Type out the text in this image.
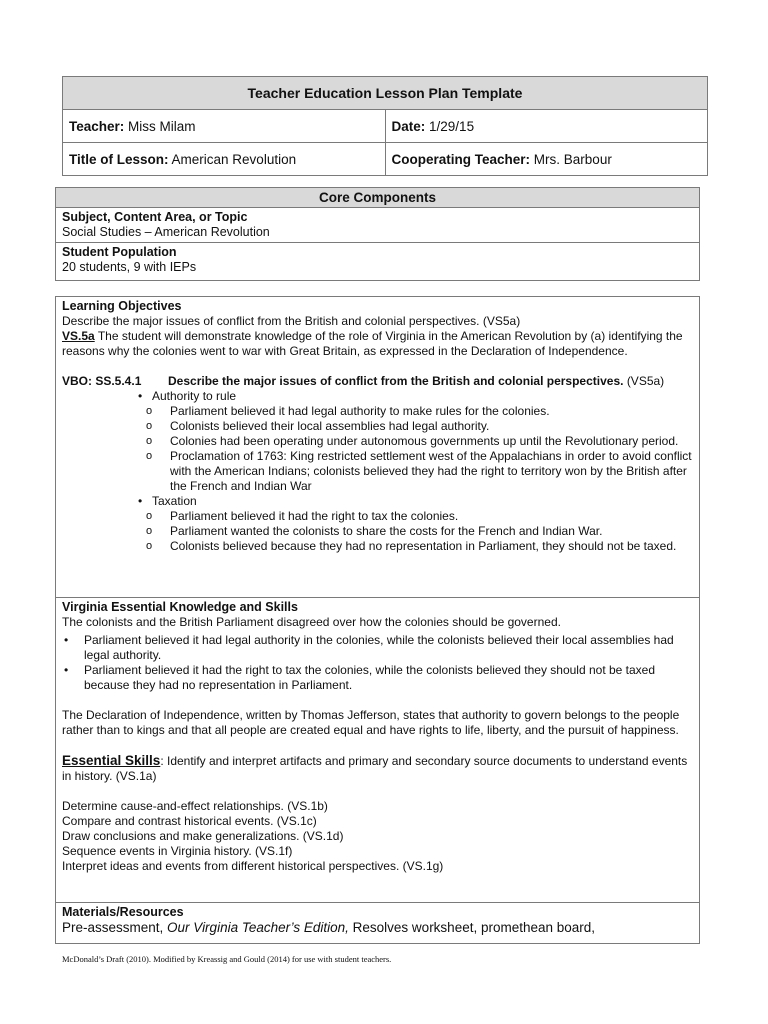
Teacher Education Lesson Plan Template	
Teacher: Miss Milam	Date: 1/29/15
Title of Lesson: American Revolution	Cooperating Teacher: Mrs. Barbour
Core Components
Subject, Content Area, or Topic
Social Studies – American Revolution
Student Population
20 students, 9 with IEPs
Learning Objectives
Describe the major issues of conflict from the British and colonial perspectives. (VS5a)
VS.5a The student will demonstrate knowledge of the role of Virginia in the American Revolution by (a) identifying the reasons why the colonies went to war with Great Britain, as expressed in the Declaration of Independence.
VBO: SS.5.4.1 Describe the major issues of conflict from the British and colonial perspectives. (VS5a)
• Authority to rule
o Parliament believed it had legal authority to make rules for the colonies.
o Colonists believed their local assemblies had legal authority.
o Colonies had been operating under autonomous governments up until the Revolutionary period.
o Proclamation of 1763: King restricted settlement west of the Appalachians in order to avoid conflict with the American Indians; colonists believed they had the right to territory won by the British after the French and Indian War
• Taxation
o Parliament believed it had the right to tax the colonies.
o Parliament wanted the colonists to share the costs for the French and Indian War.
o Colonists believed because they had no representation in Parliament, they should not be taxed.
Virginia Essential Knowledge and Skills
The colonists and the British Parliament disagreed over how the colonies should be governed.
• Parliament believed it had legal authority in the colonies, while the colonists believed their local assemblies had legal authority.
• Parliament believed it had the right to tax the colonies, while the colonists believed they should not be taxed because they had no representation in Parliament.
The Declaration of Independence, written by Thomas Jefferson, states that authority to govern belongs to the people rather than to kings and that all people are created equal and have rights to life, liberty, and the pursuit of happiness.
Essential Skills: Identify and interpret artifacts and primary and secondary source documents to understand events in history. (VS.1a)
Determine cause-and-effect relationships. (VS.1b)
Compare and contrast historical events. (VS.1c)
Draw conclusions and make generalizations. (VS.1d)
Sequence events in Virginia history. (VS.1f)
Interpret ideas and events from different historical perspectives. (VS.1g)
Materials/Resources
Pre-assessment, Our Virginia Teacher’s Edition, Resolves worksheet, promethean board,
McDonald’s Draft (2010). Modified by Kreassig and Gould (2014) for use with student teachers.
